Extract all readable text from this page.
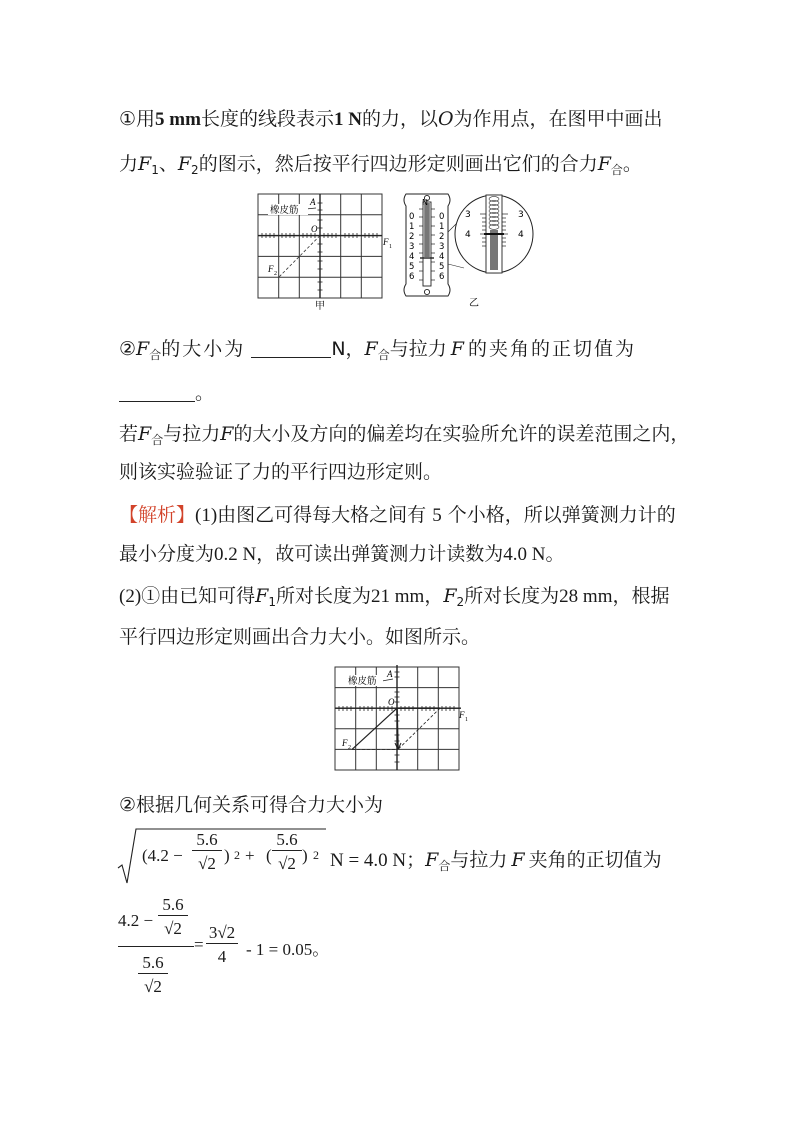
①用5 mm长度的线段表示1 N的力，以O为作用点，在图甲中画出
力$F_1$、$F_2$的图示，然后按平行四边形定则画出它们的合力$F_合$。
橡皮筋
A
O
F 1
F 2
甲
N
0
1
2
3
4
5
6
0
1
2
3
4
5
6
3
4
3
4
乙
$②F_合$的大小为	N，$F_合$与拉力 F 的夹角的正切值为
。
若$F_合$与拉力F的大小及方向的偏差均在实验所允许的误差范围之内，
则该实验验证了力的平行四边形定则。
【解析】(1)由图乙可得每大格之间有 5 个小格，所以弹簧测力计的
最小分度为0.2 N，故可读出弹簧测力计读数为4.0 N。
(2)①由已知可得$F_1$所对长度为21 mm，$F_2$所对长度为28 mm，根据
平行四边形定则画出合力大小。如图所示。
橡皮筋
A
O
F 1
F 2
②根据几何关系可得合力大小为
(4.2 −
5.6
√2 ) 2 + (
5.6
√2 ) 2 N = 4.0 N；$F_合$与拉力 F 夹角的正切值为
4.2 −
5.6
√2
5.6
√2
=
3√2
4	- 1 = 0.05。
